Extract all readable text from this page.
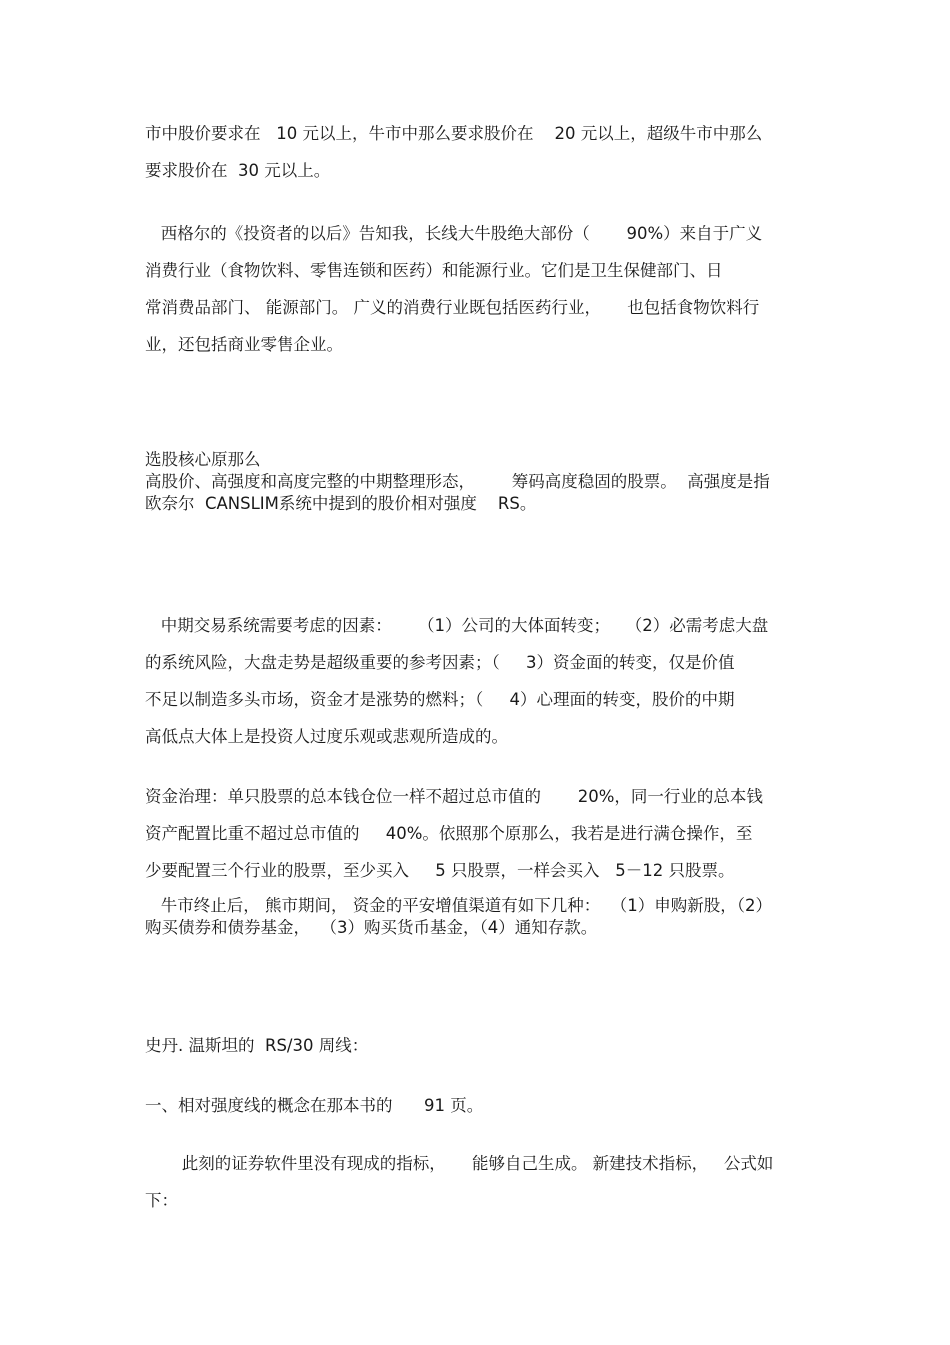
市中股价要求在   10 元以上，牛市中那么要求股价在    20 元以上，超级牛市中那么
要求股价在  30 元以上。
西格尔的《投资者的以后》告知我，长线大牛股绝大部份（       90%）来自于广义
消费行业（食物饮料、零售连锁和医药）和能源行业。它们是卫生保健部门、日
常消费品部门、 能源部门。 广义的消费行业既包括医药行业，     也包括食物饮料行
业，还包括商业零售企业。
选股核心原那么
高股价、高强度和高度完整的中期整理形态，       筹码高度稳固的股票。  高强度是指
欧奈尔  CANSLIM系统中提到的股价相对强度    RS。
中期交易系统需要考虑的因素：     （1）公司的大体面转变；   （2）必需考虑大盘
的系统风险，大盘走势是超级重要的参考因素；（     3）资金面的转变，仅是价值
不足以制造多头市场，资金才是涨势的燃料；（     4）心理面的转变，股价的中期
高低点大体上是投资人过度乐观或悲观所造成的。
资金治理：单只股票的总本钱仓位一样不超过总市值的       20%，同一行业的总本钱
资产配置比重不超过总市值的     40%。依照那个原那么，我若是进行满仓操作，至
少要配置三个行业的股票，至少买入     5 只股票，一样会买入   5－12 只股票。
牛市终止后， 熊市期间， 资金的平安增值渠道有如下几种：  （1）申购新股，（2）
购买债券和债券基金，  （3）购买货币基金，（4）通知存款。
史丹. 温斯坦的  RS/30 周线：
一、相对强度线的概念在那本书的      91 页。
此刻的证券软件里没有现成的指标，     能够自己生成。 新建技术指标，   公式如
下：
